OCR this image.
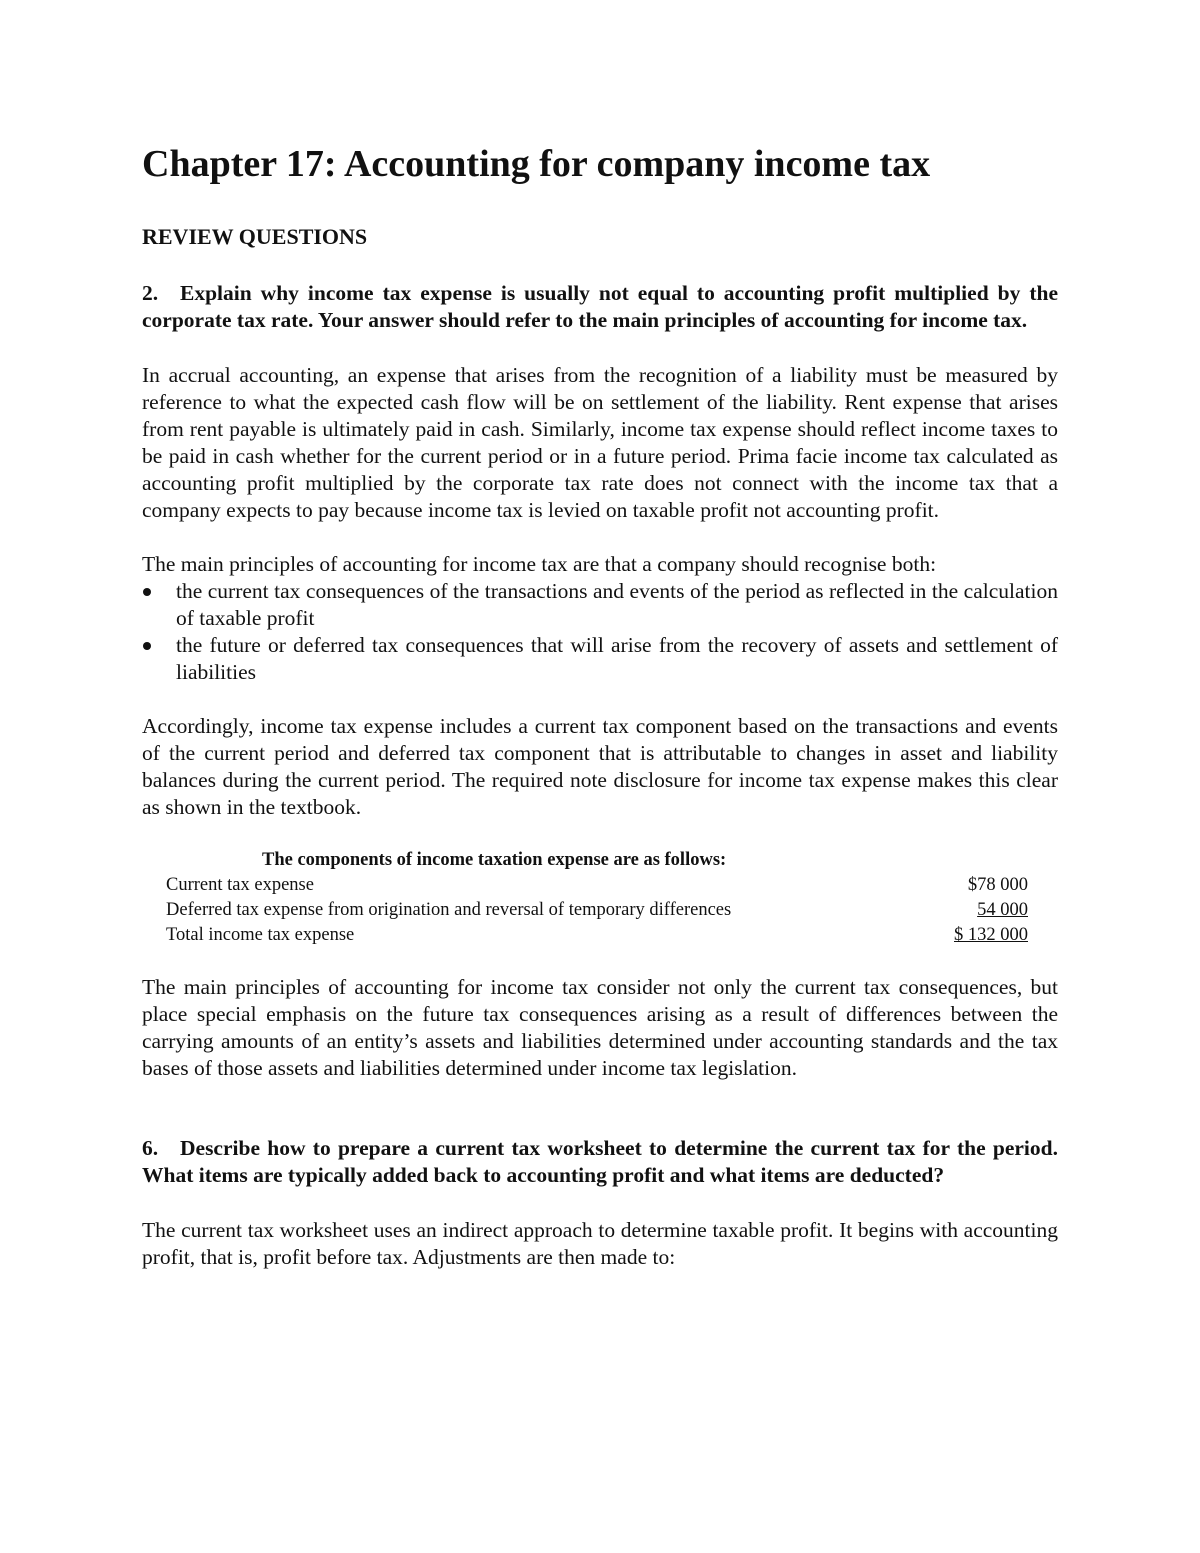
Chapter 17: Accounting for company income tax
REVIEW QUESTIONS
2. Explain why income tax expense is usually not equal to accounting profit multiplied by the corporate tax rate. Your answer should refer to the main principles of accounting for income tax.

In accrual accounting, an expense that arises from the recognition of a liability must be measured by reference to what the expected cash flow will be on settlement of the liability. Rent expense that arises from rent payable is ultimately paid in cash. Similarly, income tax expense should reflect income taxes to be paid in cash whether for the current period or in a future period. Prima facie income tax calculated as accounting profit multiplied by the corporate tax rate does not connect with the income tax that a company expects to pay because income tax is levied on taxable profit not accounting profit.

The main principles of accounting for income tax are that a company should recognise both:

the current tax consequences of the transactions and events of the period as reflected in the calculation of taxable profit
the future or deferred tax consequences that will arise from the recovery of assets and settlement of liabilities

Accordingly, income tax expense includes a current tax component based on the transactions and events of the current period and deferred tax component that is attributable to changes in asset and liability balances during the current period. The required note disclosure for income tax expense makes this clear as shown in the textbook.

The components of income taxation expense are as follows:
Current tax expense	$78 000
Deferred tax expense from origination and reversal of temporary differences	54 000
Total income tax expense	$ 132 000

The main principles of accounting for income tax consider not only the current tax consequences, but place special emphasis on the future tax consequences arising as a result of differences between the carrying amounts of an entity’s assets and liabilities determined under accounting standards and the tax bases of those assets and liabilities determined under income tax legislation.

6. Describe how to prepare a current tax worksheet to determine the current tax for the period. What items are typically added back to accounting profit and what items are deducted?

The current tax worksheet uses an indirect approach to determine taxable profit. It begins with accounting profit, that is, profit before tax. Adjustments are then made to:
